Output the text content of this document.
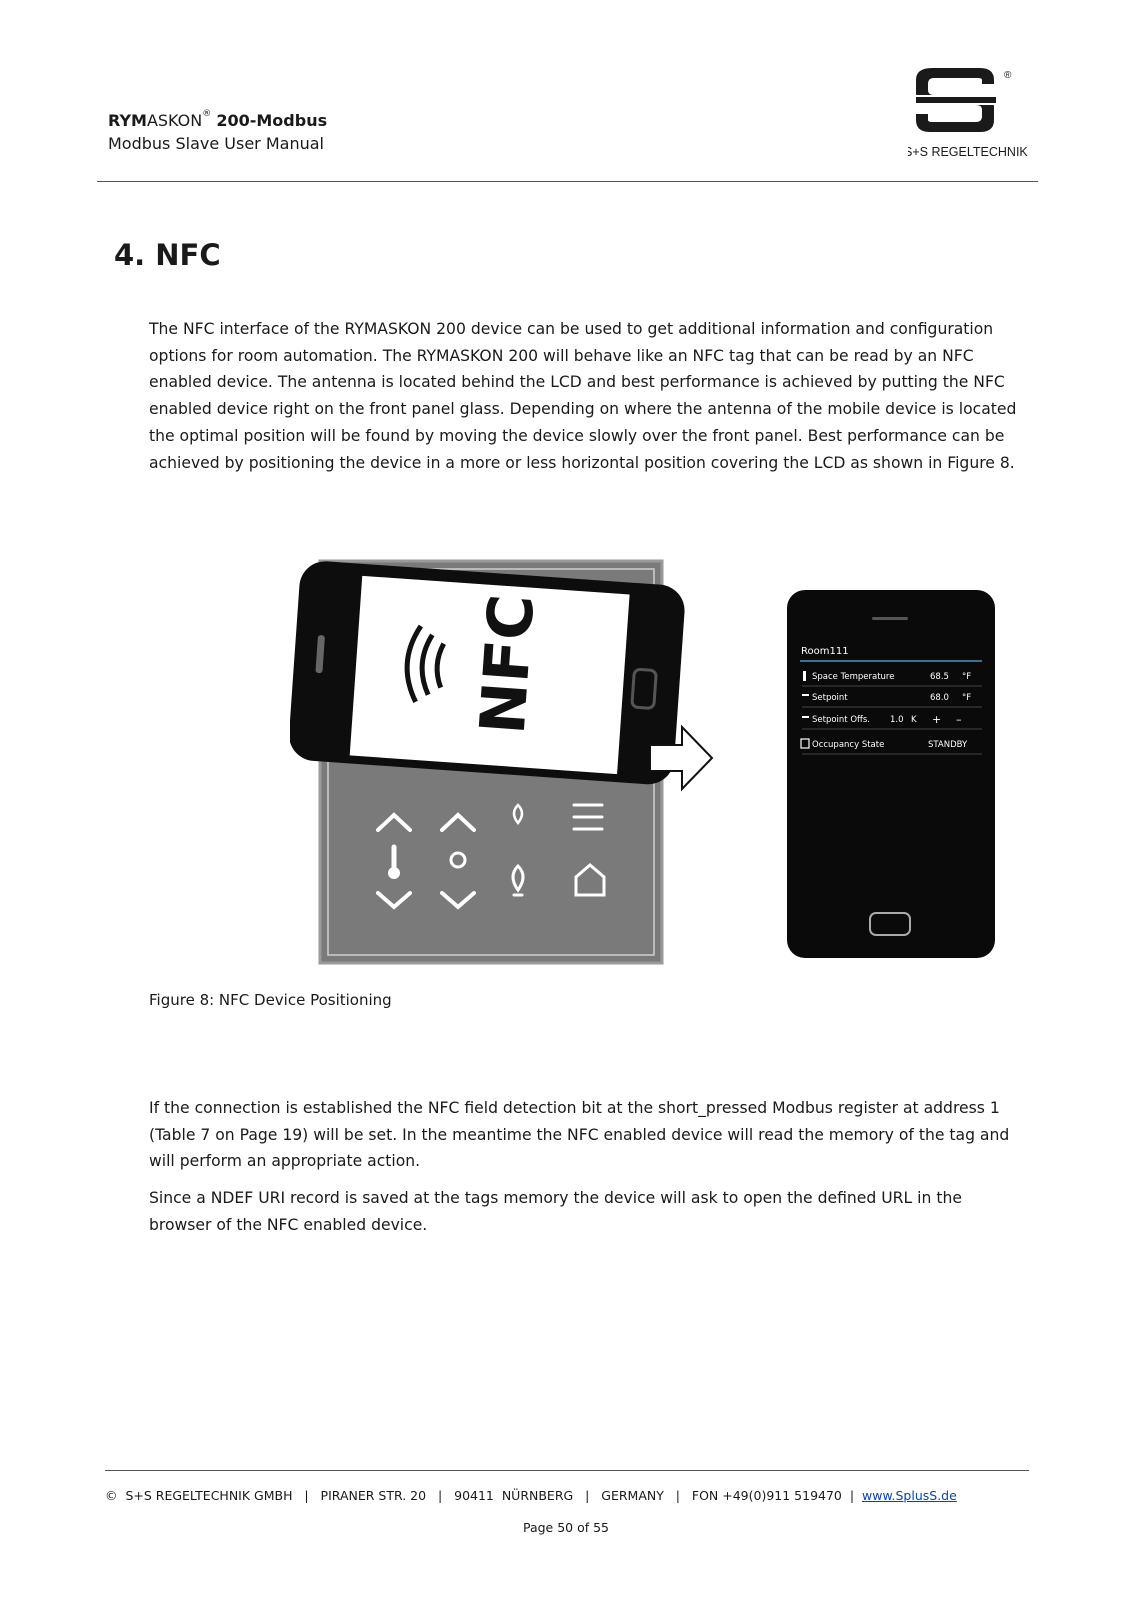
RYMASKON® 200-Modbus
Modbus Slave User Manual	S+S REGELTECHNIK
®
4. NFC

The NFC interface of the RYMASKON 200 device can be used to get additional information and configuration options for room automation. The RYMASKON 200 will behave like an NFC tag that can be read by an NFC enabled device. The antenna is located behind the LCD and best performance is achieved by putting the NFC enabled device right on the front panel glass. Depending on where the antenna of the mobile device is located the optimal position will be found by moving the device slowly over the front panel. Best performance can be achieved by positioning the device in a more or less horizontal position covering the LCD as shown in Figure 8.

NFC	Room111
Space Temperature	68.5 °F
Setpoint	68.0 °F
Setpoint Offs. 1.0 K + –
Occupancy State	STANDBY
Figure 8: NFC Device Positioning

If the connection is established the NFC field detection bit at the short_pressed Modbus register at address 1 (Table 7 on Page 19) will be set. In the meantime the NFC enabled device will read the memory of the tag and will perform an appropriate action.

Since a NDEF URI record is saved at the tags memory the device will ask to open the defined URL in the browser of the NFC enabled device.

©  S+S REGELTECHNIK GMBH   |   PIRANER STR. 20   |   90411  NÜRNBERG   |   GERMANY   |   FON +49(0)911 519470  |  www.SplusS.de
Page 50 of 55
